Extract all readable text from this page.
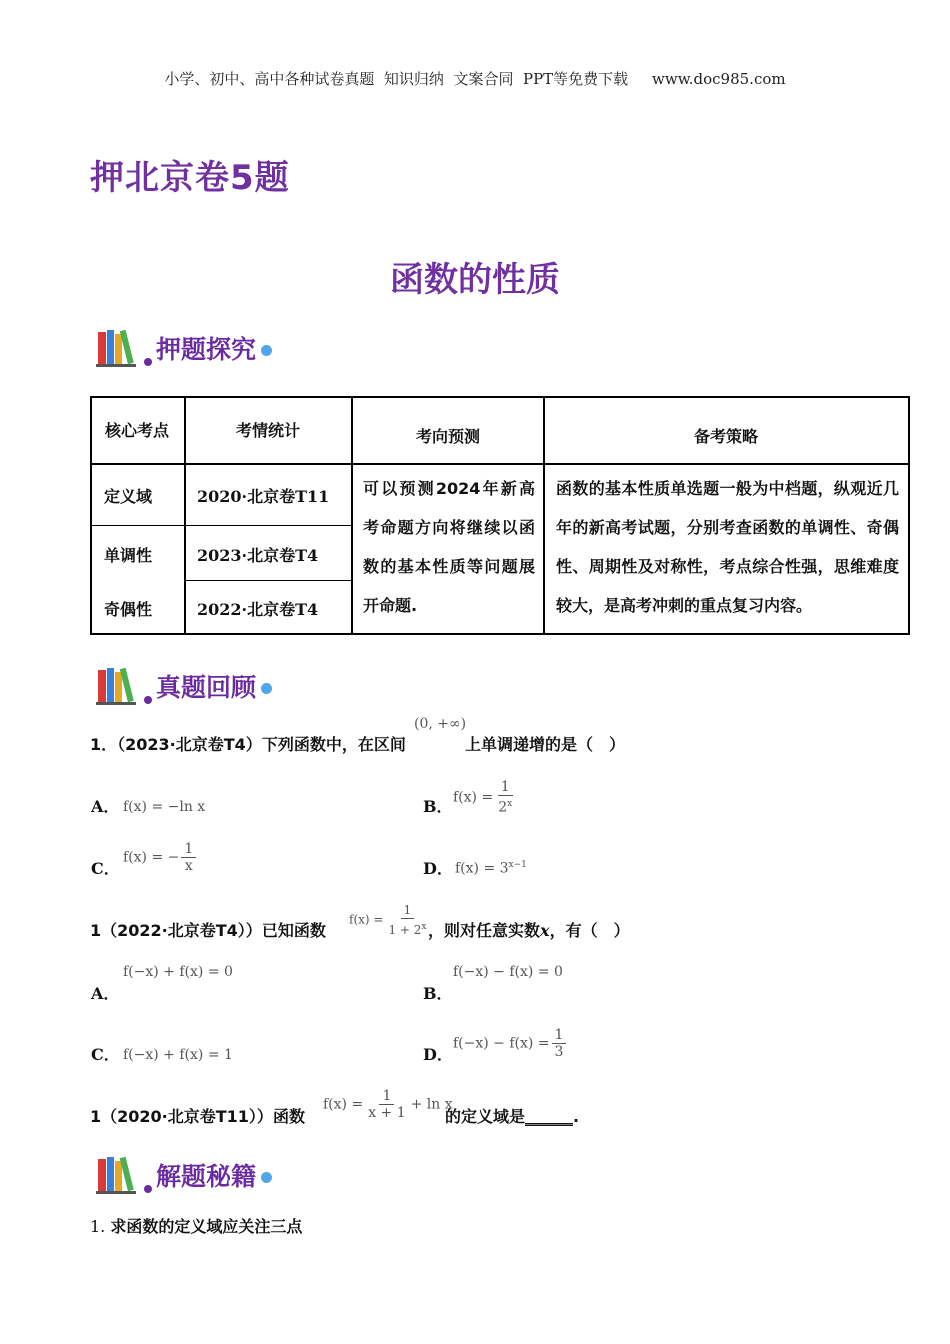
小学、初中、高中各种试卷真题  知识归纳  文案合同  PPT等免费下载     www.doc985.com
押北京卷5题
函数的性质
押题探究
核心考点	考情统计	考向预测	备考策略
定义域	2020·北京卷T11
单调性	2023·北京卷T4
奇偶性	2022·北京卷T4
可以预测2024年新高考命题方向将继续以函数的基本性质等问题展开命题.
函数的基本性质单选题一般为中档题，纵观近几年的新高考试题，分别考查函数的单调性、奇偶性、周期性及对称性，考点综合性强，思维难度较大，是高考冲刺的重点复习内容。
真题回顾
1．（2023·北京卷T4）下列函数中，在区间
(0, +∞)
上单调递增的是（　）
A． f(x) = −ln x	B． $f(x) = \frac{1}{2^x}$
C．
f(x) = − $\frac{1}{x}$	D． $f(x) = 3^{x-1}$
1（2022·北京卷T4））已知函数
$f(x) = \frac{1}{1 + 2^x}$
，则对任意实数x，有（　）
f(−x) + f(x) = 0
A．
f(−x) − f(x) = 0
B．
C． f(−x) + f(x) = 1	D．
$f(-x) - f(x) = \frac{1}{3}$
1（2020·北京卷T11））函数
$f(x) = \frac{1}{x + 1} + \ln x$
的定义域是______.
解题秘籍
1. 求函数的定义域应关注三点
